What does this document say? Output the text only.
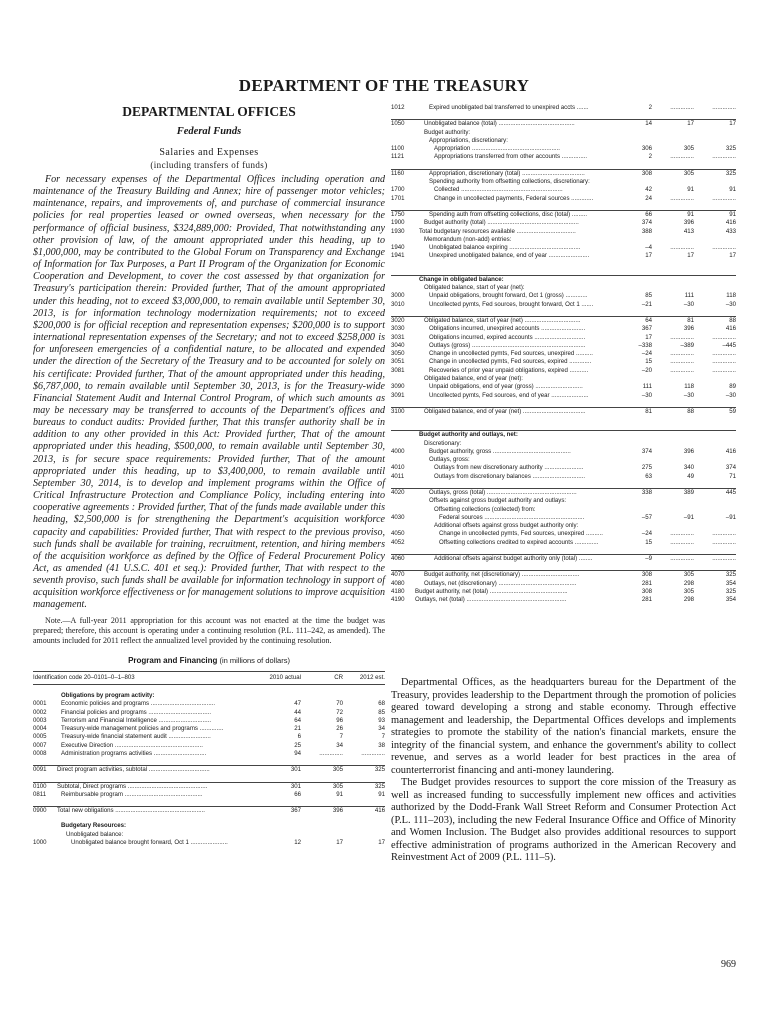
DEPARTMENT OF THE TREASURY
DEPARTMENTAL OFFICES
Federal Funds
Salaries and Expenses
(including transfers of funds)

For necessary expenses of the Departmental Offices including operation and maintenance of the Treasury Building and Annex; hire of passenger motor vehicles; maintenance, repairs, and improvements of, and purchase of commercial insurance policies for real properties leased or owned overseas, when necessary for the performance of official business, $324,889,000: Provided, That notwithstanding any other provision of law, of the amount appropriated under this heading, up to $1,000,000, may be contributed to the Global Forum on Transparency and Exchange of Information for Tax Purposes, a Part II Program of the Organization for Economic Cooperation and Development, to cover the cost assessed by that organization for Treasury's participation therein: Provided further, That of the amount appropriated under this heading, not to exceed $3,000,000, to remain available until September 30, 2013, is for information technology modernization requirements; not to exceed $200,000 is for official reception and representation expenses; $200,000 is to support international representation expenses of the Secretary; and not to exceed $258,000 is for unforeseen emergencies of a confidential nature, to be allocated and expended under the direction of the Secretary of the Treasury and to be accounted for solely on his certificate: Provided further, That of the amount appropriated under this heading, $6,787,000, to remain available until September 30, 2013, is for the Treasury-wide Financial Statement Audit and Internal Control Program, of which such amounts as may be necessary may be transferred to accounts of the Department's offices and bureaus to conduct audits: Provided further, That this transfer authority shall be in addition to any other provided in this Act: Provided further, That of the amount appropriated under this heading, $500,000, to remain available until September 30, 2013, is for secure space requirements: Provided further, That of the amount appropriated under this heading, up to $3,400,000, to remain available until September 30, 2014, is to develop and implement programs within the Office of Critical Infrastructure Protection and Compliance Policy, including entering into cooperative agreements : Provided further, That of the funds made available under this heading, $2,500,000 is for strengthening the Department's acquisition workforce capacity and capabilities: Provided further, That with respect to the previous proviso, such funds shall be available for training, recruitment, retention, and hiring members of the acquisition workforce as defined by the Office of Federal Procurement Policy Act, as amended (41 U.S.C. 401 et seq.): Provided further, That with respect to the seventh proviso, such funds shall be available for information technology in support of acquisition workforce effectiveness or for management solutions to improve acquisition management.

Note.—A full-year 2011 appropriation for this account was not enacted at the time the budget was prepared; therefore, this account is operating under a continuing resolution (P.L. 111–242, as amended). The amounts included for 2011 reflect the annualized level provided by the continuing resolution.

Program and Financing (in millions of dollars)
Identification code 20–0101–0–1–803		2010 actual	CR	2012 est.

	Obligations by program activity:			
0001	Economic policies and programs ......................................	47	70	68
0002	Financial policies and programs .....................................	44	72	85
0003	Terrorism and Financial Intelligence ...............................	64	96	93
0004	Treasury-wide management policies and programs ..............	21	26	34
0005	Treasury-wide financial statement audit .........................	6	7	7
0007	Executive Direction ....................................................	25	34	38
0008	Administration programs activities ...............................	94	..............	..............

0091	Direct program activities, subtotal ....................................	301	305	325

0100	Subtotal, Direct programs ...............................................	301	305	325
0811	Reimbursable program ..............................................	66	91	91

0900	Total new obligations .....................................................	367	396	416

	Budgetary Resources:			
	Unobligated balance:			
1000	Unobligated balance brought forward, Oct 1 ......................	12	17	17
1012	Expired unobligated bal transferred to unexpired accts .......	2	..............	..............

1050	Unobligated balance (total) .............................................	14	17	17
	Budget authority:			
	Appropriations, discretionary:			
1100	Appropriation ....................................................	306	305	325
1121	Appropriations transferred from other accounts ...............	2	..............	..............

1160	Appropriation, discretionary (total) .....................................	308	305	325
	Spending authority from offsetting collections, discretionary:			
1700	Collected ............................................................	42	91	91
1701	Change in uncollected payments, Federal sources .............	24	..............	..............

1750	Spending auth from offsetting collections, disc (total) .........	66	91	91
1900	Budget authority (total) ......................................................	374	396	416
1930	Total budgetary resources available ...................................	388	413	433
	Memorandum (non-add) entries:			
1940	Unobligated balance expiring ..........................................	–4	..............	..............
1941	Unexpired unobligated balance, end of year ........................	17	17	17

	Change in obligated balance:			
	Obligated balance, start of year (net):			
3000	Unpaid obligations, brought forward, Oct 1 (gross) .............	85	111	118
3010	Uncollected pymts, Fed sources, brought forward, Oct 1 .......	–21	–30	–30

3020	Obligated balance, start of year (net) .................................	64	81	88
3030	Obligations incurred, unexpired accounts ..........................	367	396	416
3031	Obligations incurred, expired accounts ..............................	17	..............	..............
3040	Outlays (gross) ...................................................................	–338	–389	–445
3050	Change in uncollected pymts, Fed sources, unexpired ..........	–24	..............	..............
3051	Change in uncollected pymts, Fed sources, expired .............	15	..............	..............
3081	Recoveries of prior year unpaid obligations, expired ...........	–20	..............	..............
	Obligated balance, end of year (net):			
3090	Unpaid obligations, end of year (gross) ............................	111	118	89
3091	Uncollected pymts, Fed sources, end of year ......................	–30	–30	–30

3100	Obligated balance, end of year (net) .....................................	81	88	59

	Budget authority and outlays, net:			
	Discretionary:			
4000	Budget authority, gross ..............................................	374	396	416
	Outlays, gross:			
4010	Outlays from new discretionary authority .......................	275	340	374
4011	Outlays from discretionary balances ...............................	63	49	71

4020	Outlays, gross (total) .....................................................	338	389	445
	Offsets against gross budget authority and outlays:			
	Offsetting collections (collected) from:			
4030	Federal sources ...........................................................	–57	–91	–91
	Additional offsets against gross budget authority only:			
4050	Change in uncollected pymts, Fed sources, unexpired ..........	–24	..............	..............
4052	Offsetting collections credited to expired accounts ..............	15	..............	..............

4060	Additional offsets against budget authority only (total) ........	–9	..............	..............

4070	Budget authority, net (discretionary) ..................................	308	305	325
4080	Outlays, net (discretionary) ..............................................	281	298	354
4180	Budget authority, net (total) ..............................................	308	305	325
4190	Outlays, net (total) ...........................................................	281	298	354

Departmental Offices, as the headquarters bureau for the Department of the Treasury, provides leadership to the Department through the promotion of policies geared toward developing a strong and stable economy. Through effective management and leadership, the Departmental Offices develops and implements strategies to promote the stability of the nation's financial markets, ensure the integrity of the financial system, and enhance the government's ability to collect revenue, and serves as a world leader for best practices in the area of counterterrorist financing and anti-money laundering.

The Budget provides resources to support the core mission of the Treasury as well as increased funding to successfully implement new offices and activities authorized by the Dodd-Frank Wall Street Reform and Consumer Protection Act (P.L. 111–203), including the new Federal Insurance Office and Office of Minority and Women Inclusion. The Budget also provides additional resources to support effective administration of programs authorized in the American Recovery and Reinvestment Act of 2009 (P.L. 111–5).

969
